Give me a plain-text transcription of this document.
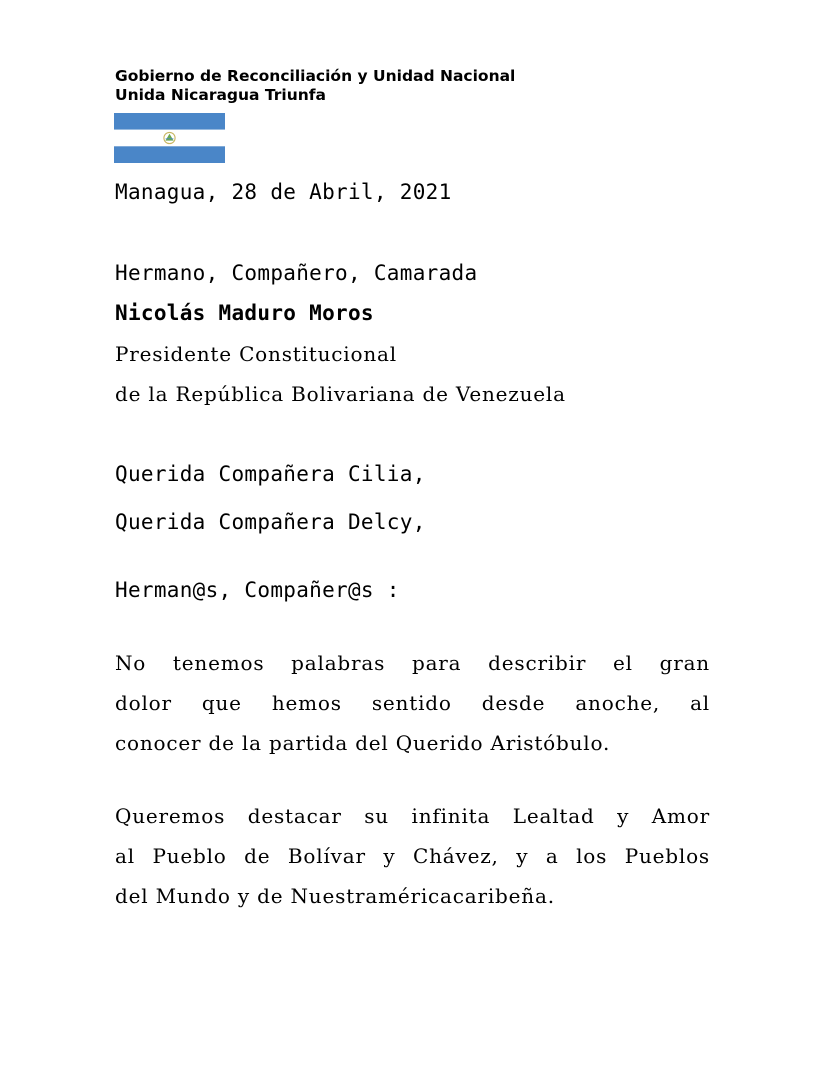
Gobierno de Reconciliación y Unidad Nacional
Unida Nicaragua Triunfa
Managua, 28 de Abril, 2021
Hermano, Compañero, Camarada
Nicolás Maduro Moros
Presidente Constitucional
de la República Bolivariana de Venezuela
Querida Compañera Cilia,
Querida Compañera Delcy,
Herman@s, Compañer@s :
No tenemos palabras para describir el gran
dolor que hemos sentido desde anoche, al
conocer de la partida del Querido Aristóbulo.
Queremos destacar su infinita Lealtad y Amor
al Pueblo de Bolívar y Chávez, y a los Pueblos
del Mundo y de Nuestraméricacaribeña.
